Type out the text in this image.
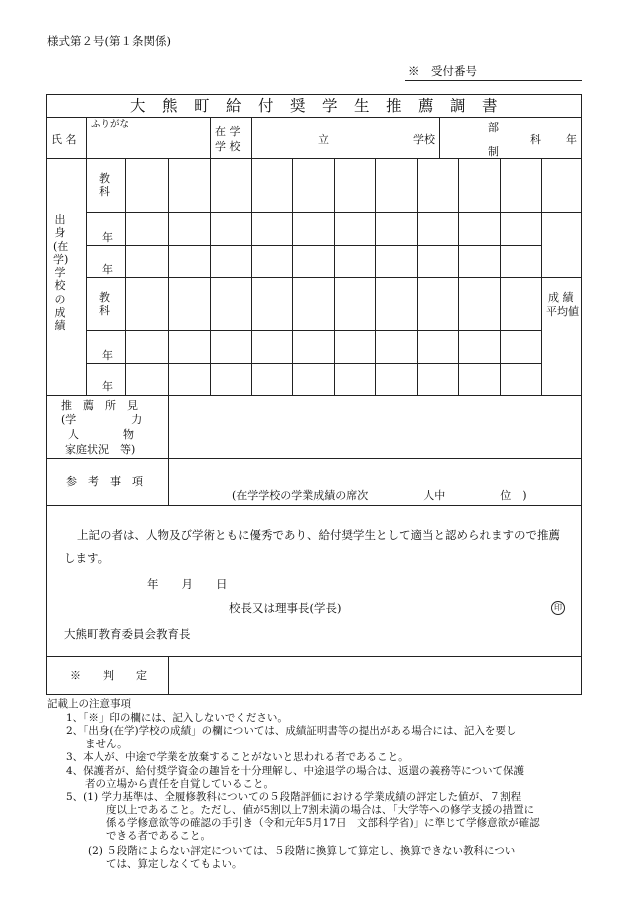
様式第２号(第１条関係)
※　受付番号
大　熊　町　給　付　奨　学　生　推　薦　調　書
氏 名
ふりがな
在 学
学 校
立	学校
部
制
科 年
出身(在学)学校の成績
教科
年
年
教科
年
年
成 績
平均値
推　薦　所　見
(学　　　　　力
人　　　　物
家庭状況　等)
参　考　事　項
(在学学校の学業成績の席次　　　　　人中　　　　　位　)
上記の者は、人物及び学術ともに優秀であり、給付奨学生として適当と認められますので推薦
します。
年　　月　　日
校長又は理事長(学長)	印
大熊町教育委員会教育長
※　　判　　定
記載上の注意事項
1、「※」印の欄には、記入しないでください。
2、「出身(在学)学校の成績」の欄については、成績証明書等の提出がある場合には、記入を要し
ません。
3、本人が、中途で学業を放棄することがないと思われる者であること。
4、保護者が、給付奨学資金の趣旨を十分理解し、中途退学の場合は、返還の義務等について保護
者の立場から責任を自覚していること。
5、(1) 学力基準は、全履修教科についての５段階評価における学業成績の評定した値が、７割程
度以上であること。ただし、値が5割以上7割未満の場合は、「大学等への修学支援の措置に
係る学修意欲等の確認の手引き（令和元年5月17日　文部科学省)」に準じて学修意欲が確認
できる者であること。
(2) ５段階によらない評定については、５段階に換算して算定し、換算できない教科につい
ては、算定しなくてもよい。
